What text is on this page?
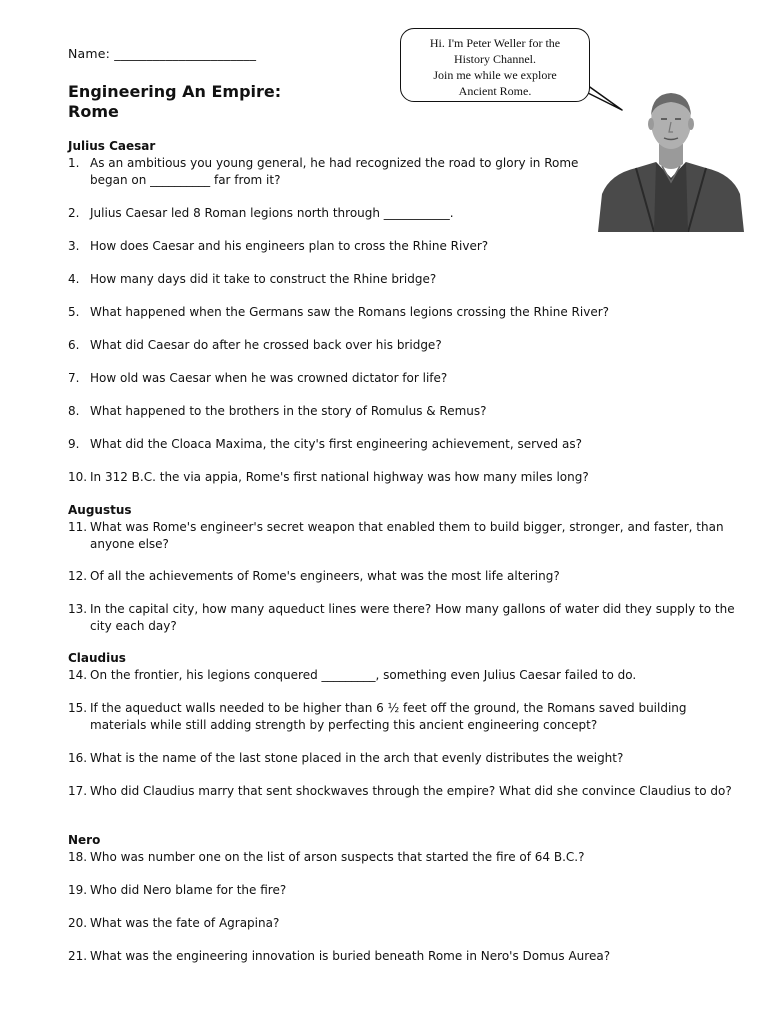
Name: ______________________
Engineering An Empire: Rome
Hi. I'm Peter Weller for the
History Channel.
Join me while we explore
Ancient Rome.
Julius Caesar
1. As an ambitious you young general, he had recognized the road to glory in Rome began on __________ far from it?
2. Julius Caesar led 8 Roman legions north through ___________.
3. How does Caesar and his engineers plan to cross the Rhine River?
4. How many days did it take to construct the Rhine bridge?
5. What happened when the Germans saw the Romans legions crossing the Rhine River?
6. What did Caesar do after he crossed back over his bridge?
7. How old was Caesar when he was crowned dictator for life?
8. What happened to the brothers in the story of Romulus & Remus?
9. What did the Cloaca Maxima, the city's first engineering achievement, served as?
10. In 312 B.C. the via appia, Rome's first national highway was how many miles long?
Augustus
11. What was Rome's engineer's secret weapon that enabled them to build bigger, stronger, and faster, than anyone else?
12. Of all the achievements of Rome's engineers, what was the most life altering?
13. In the capital city, how many aqueduct lines were there? How many gallons of water did they supply to the city each day?
Claudius
14. On the frontier, his legions conquered _________, something even Julius Caesar failed to do.
15. If the aqueduct walls needed to be higher than 6 ½ feet off the ground, the Romans saved building materials while still adding strength by perfecting this ancient engineering concept?
16. What is the name of the last stone placed in the arch that evenly distributes the weight?
17. Who did Claudius marry that sent shockwaves through the empire? What did she convince Claudius to do?
Nero
18. Who was number one on the list of arson suspects that started the fire of 64 B.C.?
19. Who did Nero blame for the fire?
20. What was the fate of Agrapina?
21. What was the engineering innovation is buried beneath Rome in Nero's Domus Aurea?
